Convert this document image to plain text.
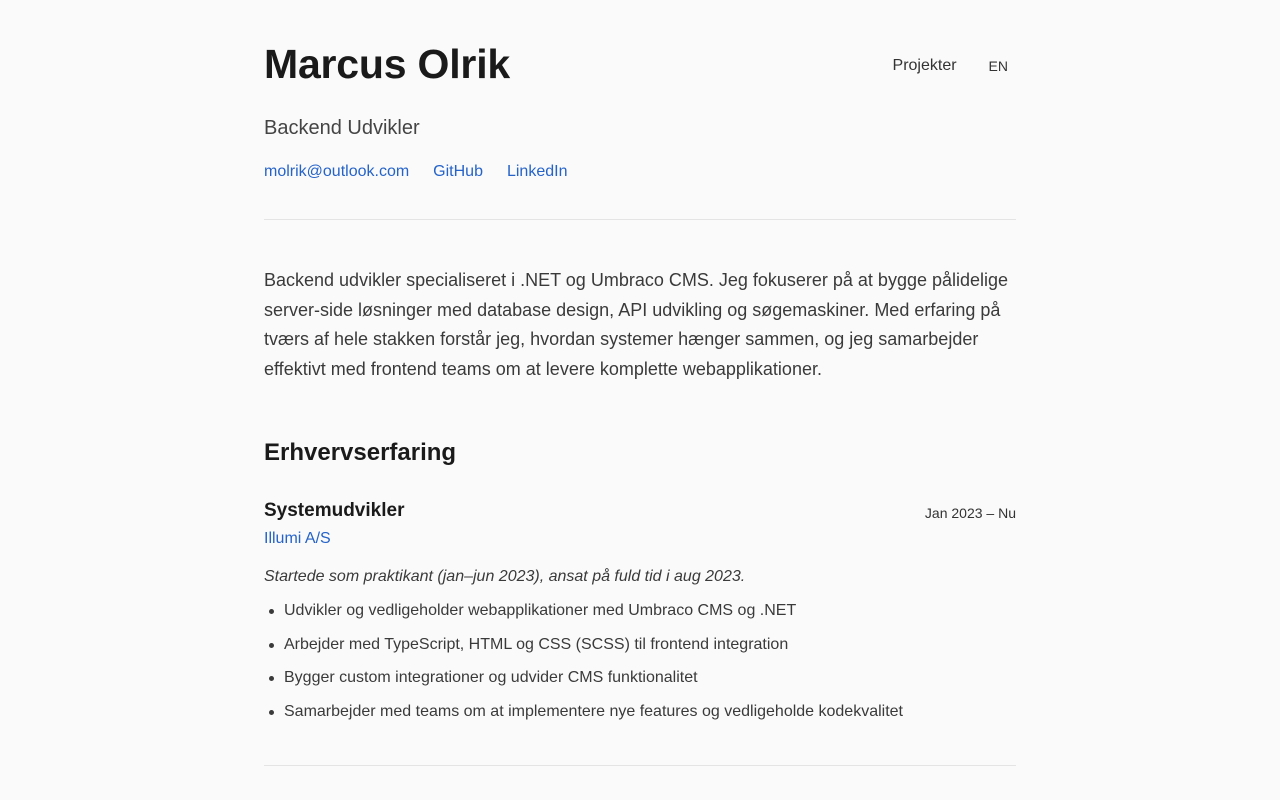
Marcus Olrik	Projekter EN
Backend Udvikler
molrik@outlook.com GitHub LinkedIn

Backend udvikler specialiseret i .NET og Umbraco CMS. Jeg fokuserer på at bygge pålidelige server-side løsninger med database design, API udvikling og søgemaskiner. Med erfaring på tværs af hele stakken forstår jeg, hvordan systemer hænger sammen, og jeg samarbejder effektivt med frontend teams om at levere komplette webapplikationer.

Erhvervserfaring
Systemudvikler	Jan 2023 – Nu
Illumi A/S

Startede som praktikant (jan–jun 2023), ansat på fuld tid i aug 2023.

Udvikler og vedligeholder webapplikationer med Umbraco CMS og .NET
Arbejder med TypeScript, HTML og CSS (SCSS) til frontend integration
Bygger custom integrationer og udvider CMS funktionalitet
Samarbejder med teams om at implementere nye features og vedligeholde kodekvalitet
